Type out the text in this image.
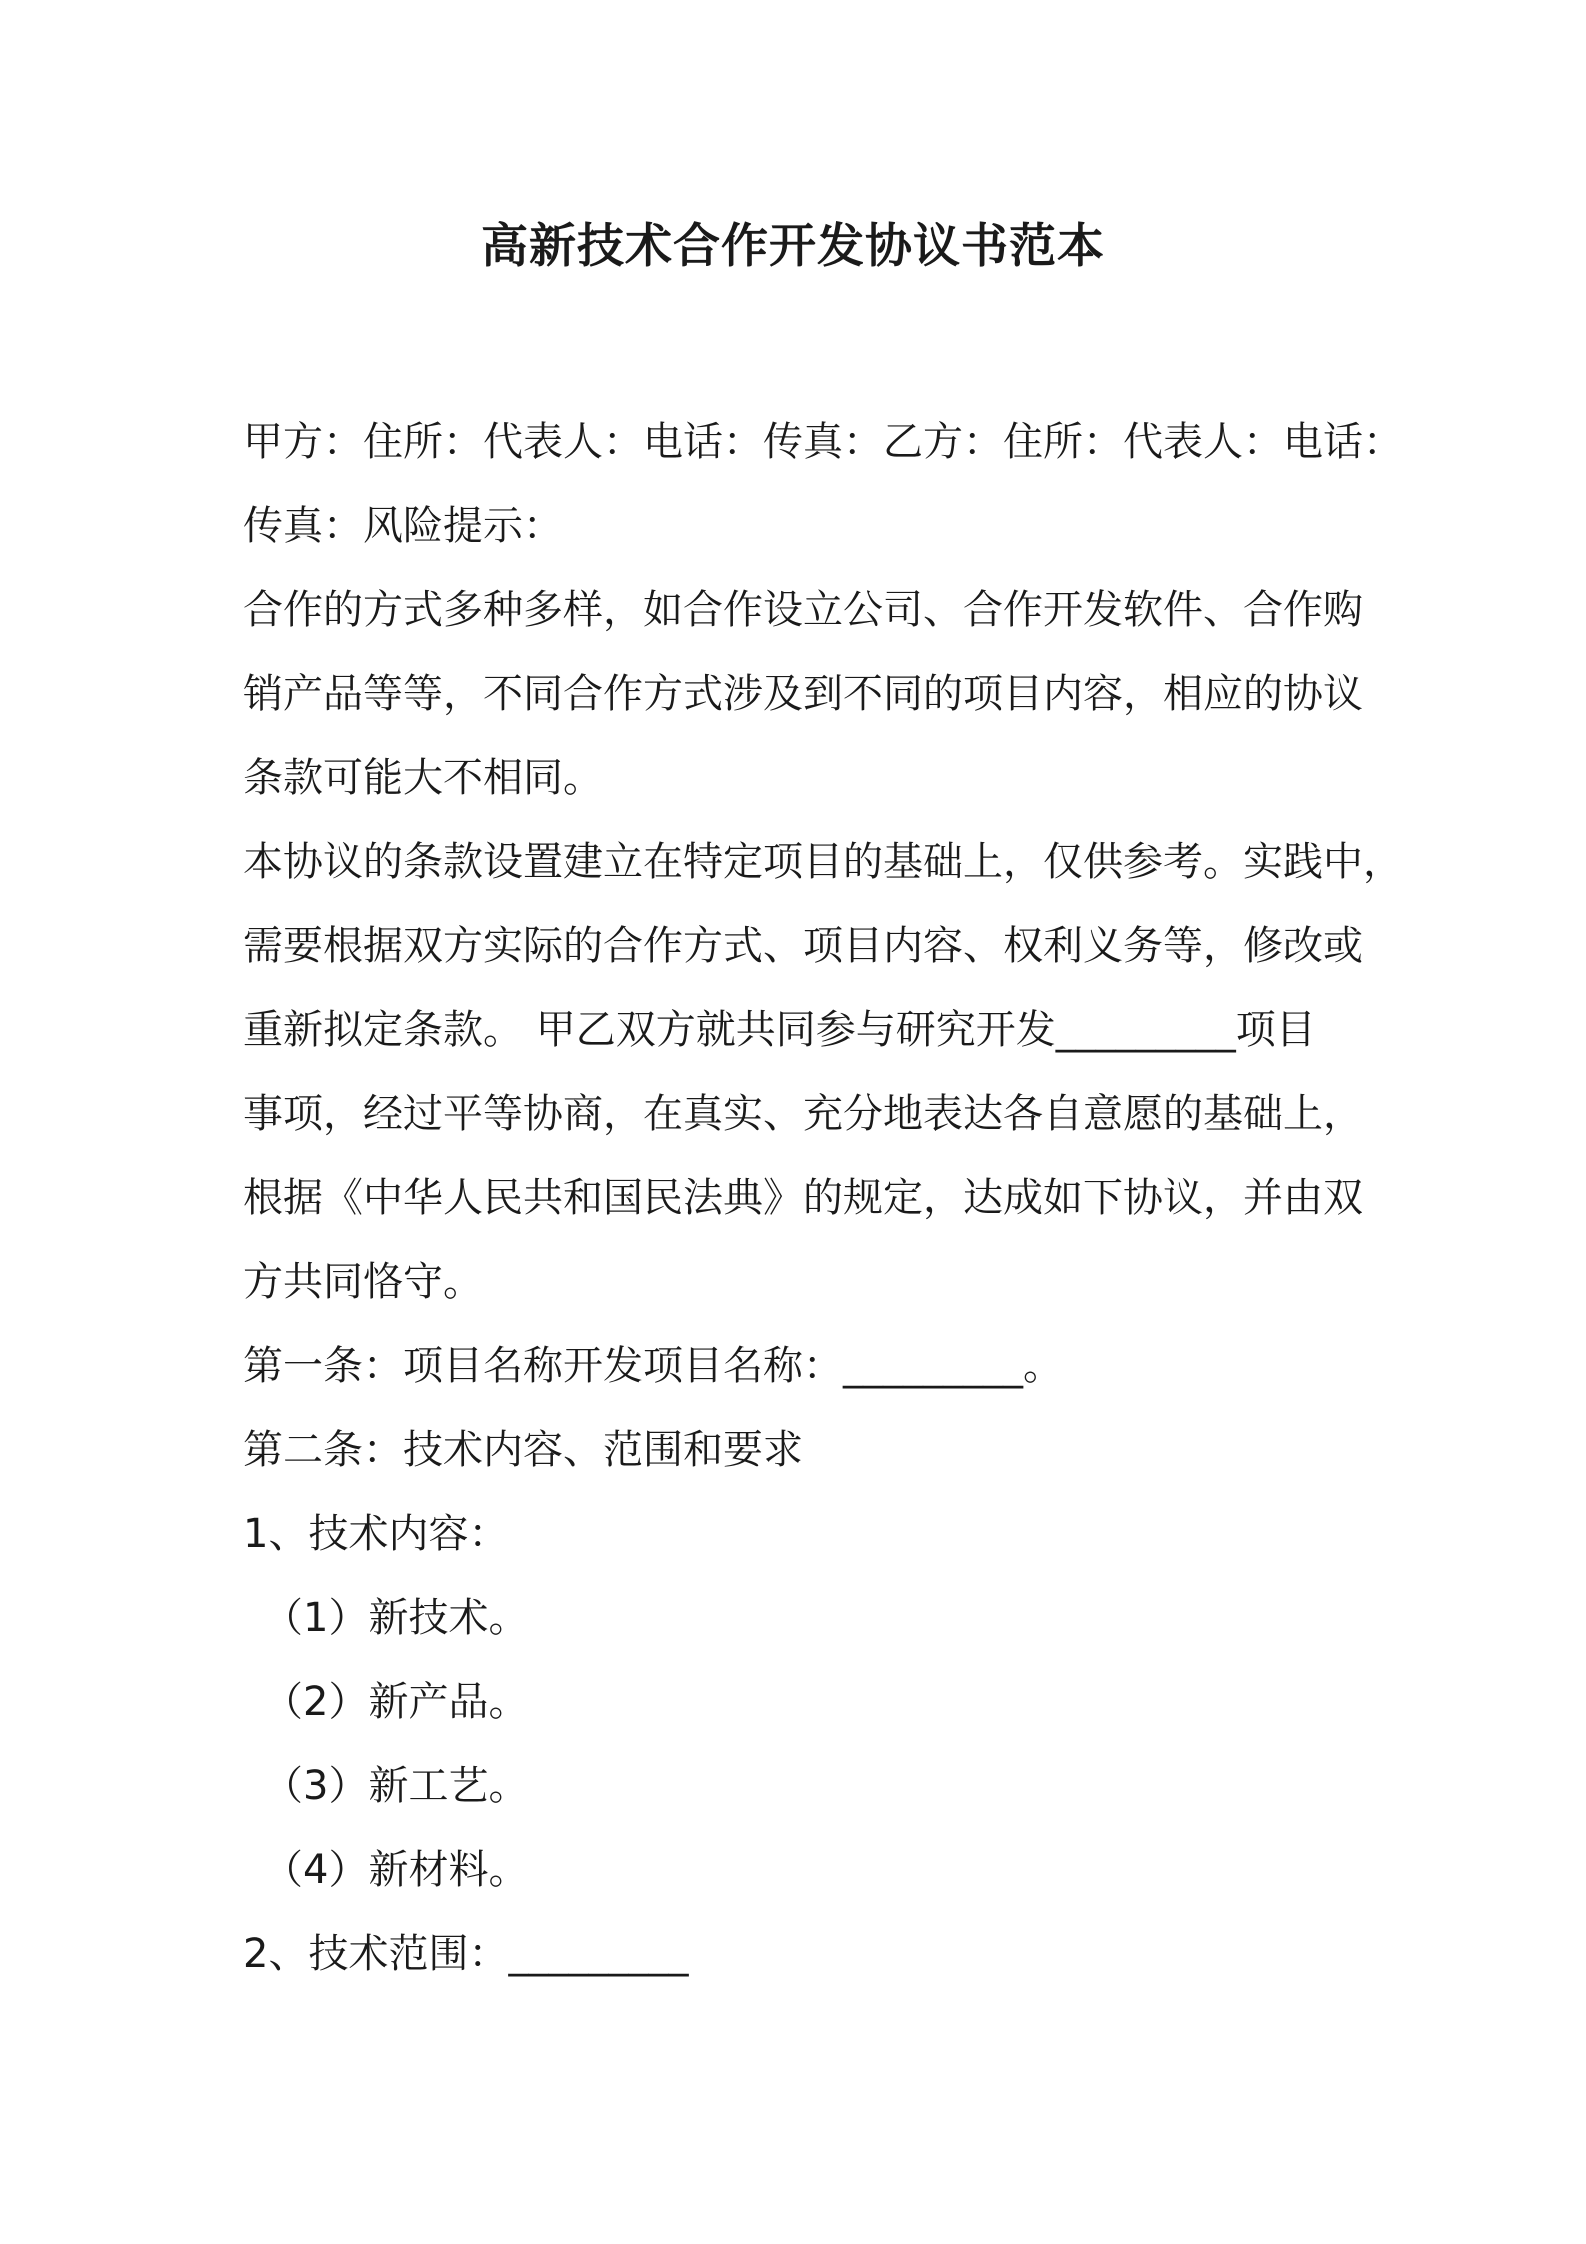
高新技术合作开发协议书范本

甲方：住所：代表人：电话：传真：乙方：住所：代表人：电话：

传真：风险提示：

合作的方式多种多样，如合作设立公司、合作开发软件、合作购

销产品等等，不同合作方式涉及到不同的项目内容，相应的协议

条款可能大不相同。

本协议的条款设置建立在特定项目的基础上，仅供参考。实践中，

需要根据双方实际的合作方式、项目内容、权利义务等，修改或

重新拟定条款。 甲乙双方就共同参与研究开发_________项目

事项，经过平等协商，在真实、充分地表达各自意愿的基础上，

根据《中华人民共和国民法典》的规定，达成如下协议，并由双

方共同恪守。

第一条：项目名称开发项目名称：_________。

第二条：技术内容、范围和要求

1、技术内容：

（1）新技术。

（2）新产品。

（3）新工艺。

（4）新材料。

2、技术范围：_________
